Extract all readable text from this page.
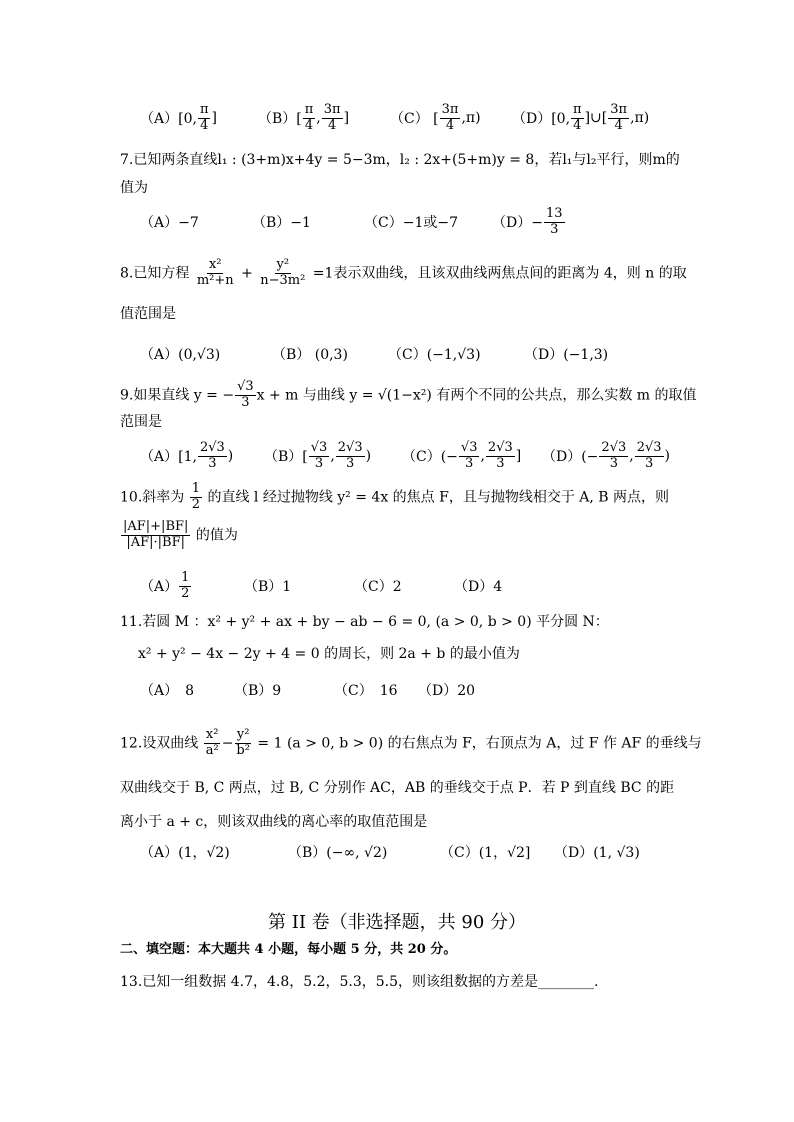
（A）[0, $\frac{\pi}{4}$ ]	$(B)[ \frac{\pi}{4}$ , $\frac{3\pi}{4}$ ]	（C） [ $\frac{3\pi}{4} ,\pi$) （D）[0, $\frac{\pi}{4}$ ]∪[ $\frac{3\pi}{4} ,\pi$)
7.已知两条直线l₁ : (3+m)x+4y = 5−3m，l₂ : 2x+(5+m)y = 8，若l₁与l₂平行，则m的
值为
（A）−7	（B）−1	（C）−1或−7 $(D)- \frac{13}{3}$
8.已知方程 $\frac{\text{x²}}{\text{m²+n}} + \frac{\text{y²}}{\text{n−3m²}} =1$表示双曲线，且该双曲线两焦点间的距离为 4，则 n 的取
值范围是
（A）(0,√3)	（B） (0,3)	（C）(−1,√3)	（D）(−1,3)
9.如果直线 y = − $\frac{√3}{3}$ x + m 与曲线 y = √(1−x²) 有两个不同的公共点，那么实数 m 的取值
范围是
（A）[1, $\frac{2√3}{3}$ ) $(B)[ \frac{√3}{3}$ , $\frac{2√3}{3}$ ) $(C)(- \frac{√3}{3}$ , $\frac{2√3}{3}$ ] $(D)(- \frac{2√3}{3}$ , $\frac{2√3}{3}$ )
10.斜率为 $\frac{1}{2}$ 的直线 l 经过抛物线 y² = 4x 的焦点 F，且与抛物线相交于 A, B 两点，则
$\frac{|AF|+|BF|}{|AF|\cdot|BF|}$ 的值为
$(A) \frac{1}{2}$	（B）1	（C）2	（D）4
11.若圆 M ：x² + y² + ax + by − ab − 6 = 0, (a > 0, b > 0) 平分圆 N：
x² + y² − 4x − 2y + 4 = 0 的周长，则 2a + b 的最小值为
（A）　8	（B）9	（C）　16 （D）20
12.设双曲线 $\frac{\text{x²}}{\text{a²}} - \frac{\text{y²}}{\text{b²}} = 1$ (a > 0, b > 0) 的右焦点为 F，右顶点为 A，过 F 作 AF 的垂线与
双曲线交于 B, C 两点，过 B, C 分别作 AC，AB 的垂线交于点 P．若 P 到直线 BC 的距
离小于 a + c，则该双曲线的离心率的取值范围是
（A）(1，√2)	（B）(−∞, √2)	（C）(1，√2] （D）(1, √3)
第 II 卷（非选择题，共 90 分）
二、填空题：本大题共 4 小题，每小题 5 分，共 20 分。
13.已知一组数据 4.7，4.8，5.2，5.3，5.5，则该组数据的方差是________.
